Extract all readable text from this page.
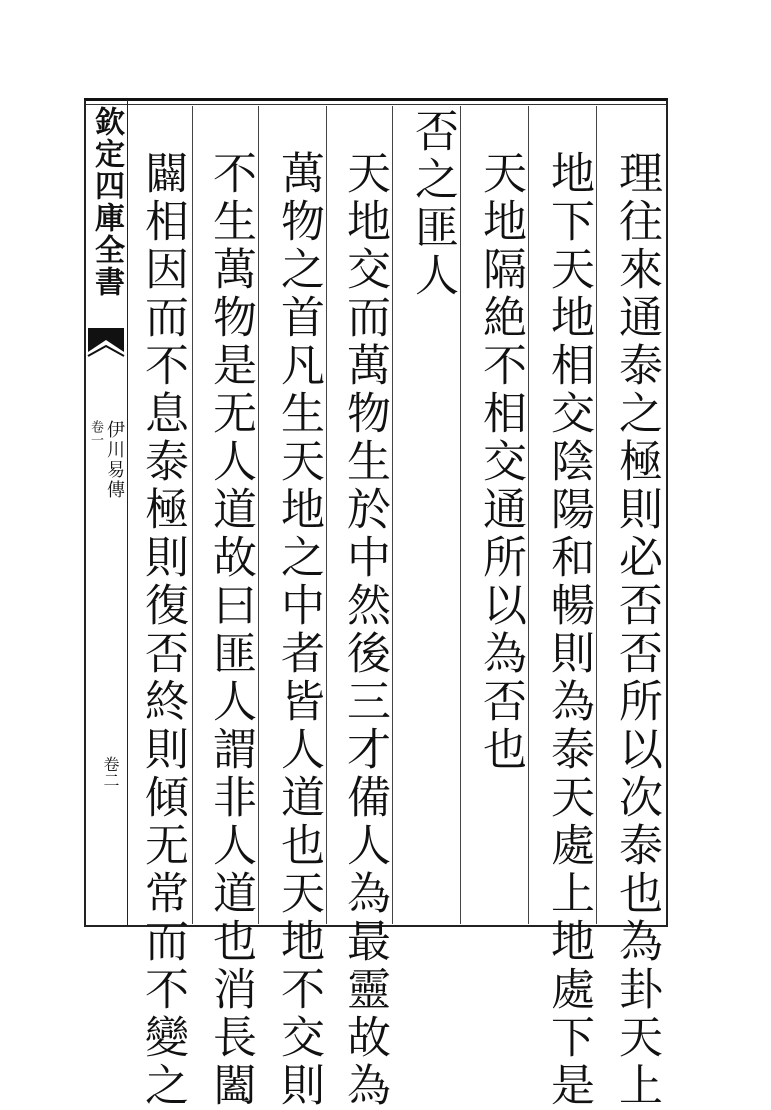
欽定四庫全書
卷一 伊川易傳
卷二	理往來通泰之極則必否否所以次泰也為卦天上
地下天地相交陰陽和暢則為泰天處上地處下是
天地隔絶不相交通所以為否也
否之匪人
天地交而萬物生於中然後三才備人為最靈故為
萬物之首凡生天地之中者皆人道也天地不交則
不生萬物是无人道故曰匪人謂非人道也消長闔
闢相因而不息泰極則復否終則傾无常而不變之
